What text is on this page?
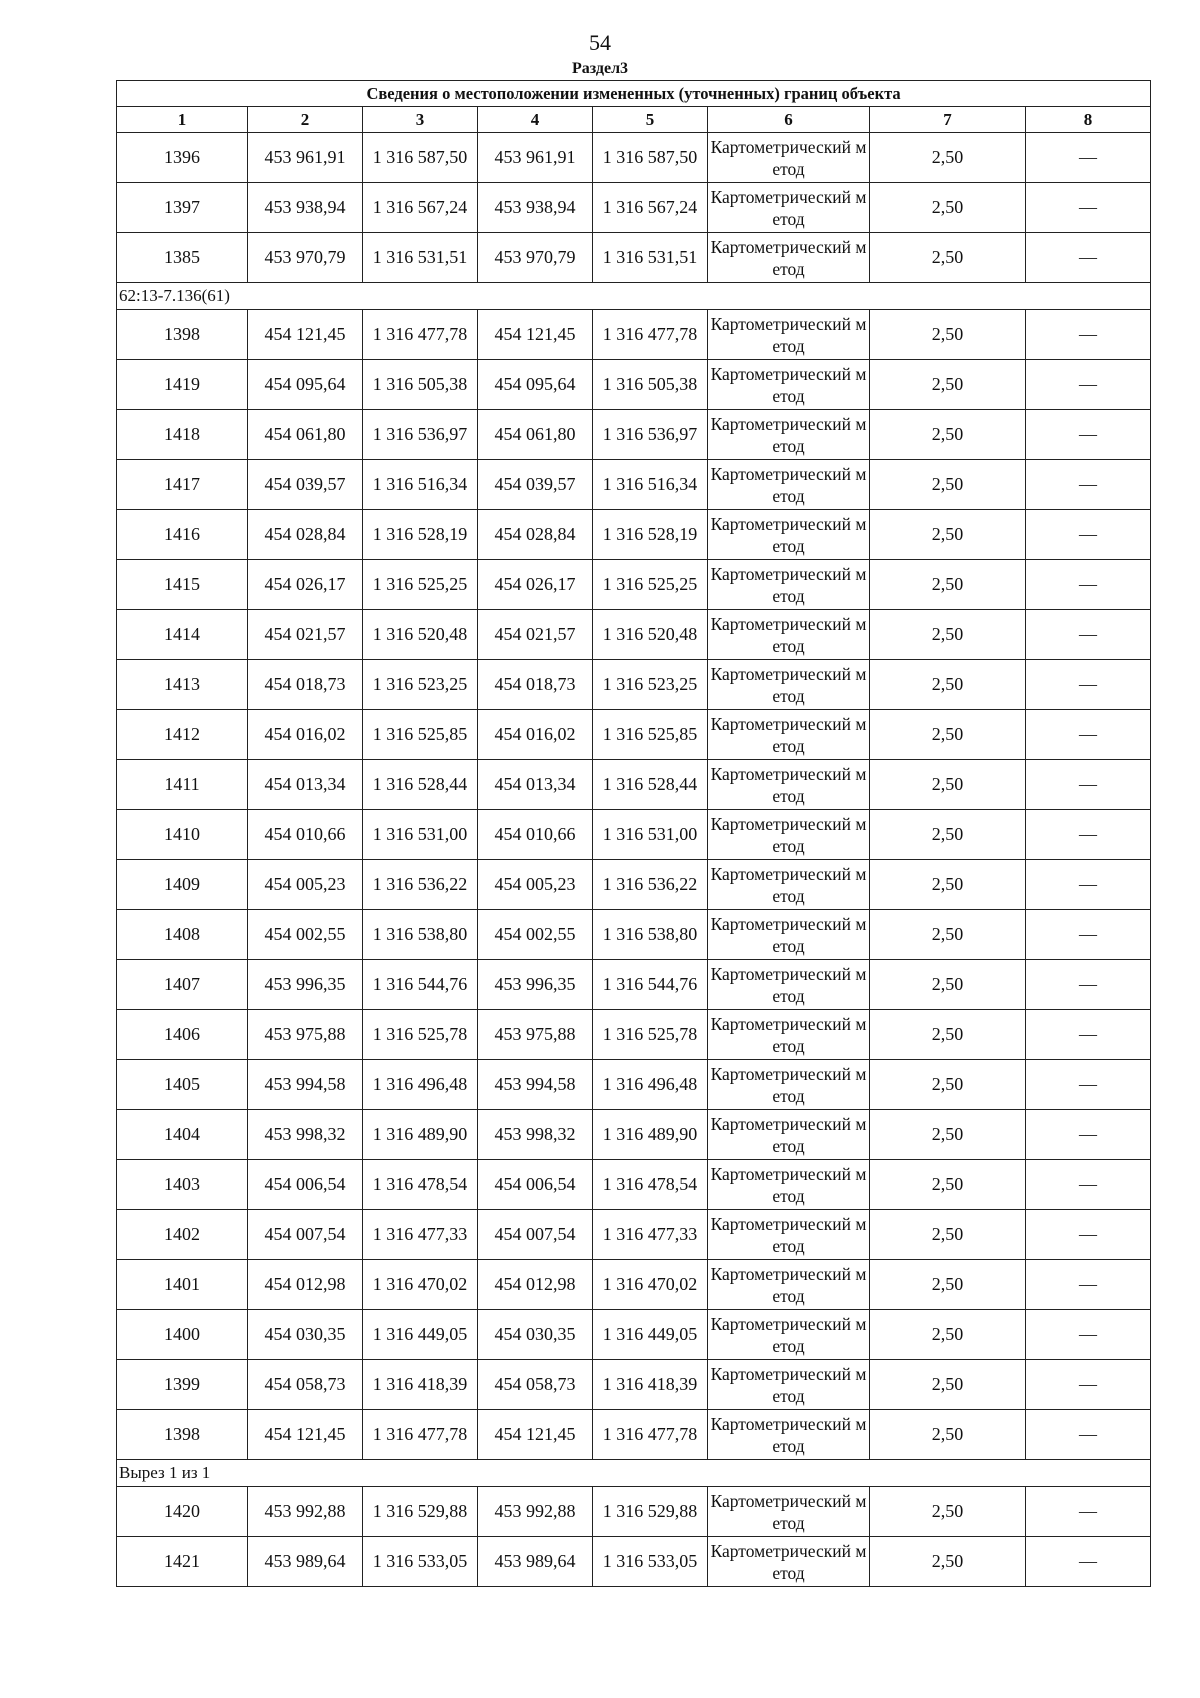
54
Раздел3
Сведения о местоположении измененных (уточненных) границ объекта							
1	2	3	4	5	6	7	8
1396	453 961,91	1 316 587,50	453 961,91	1 316 587,50	Картометрический метод	2,50	—
1397	453 938,94	1 316 567,24	453 938,94	1 316 567,24	Картометрический метод	2,50	—
1385	453 970,79	1 316 531,51	453 970,79	1 316 531,51	Картометрический метод	2,50	—
62:13-7.136(61)							
1398	454 121,45	1 316 477,78	454 121,45	1 316 477,78	Картометрический метод	2,50	—
1419	454 095,64	1 316 505,38	454 095,64	1 316 505,38	Картометрический метод	2,50	—
1418	454 061,80	1 316 536,97	454 061,80	1 316 536,97	Картометрический метод	2,50	—
1417	454 039,57	1 316 516,34	454 039,57	1 316 516,34	Картометрический метод	2,50	—
1416	454 028,84	1 316 528,19	454 028,84	1 316 528,19	Картометрический метод	2,50	—
1415	454 026,17	1 316 525,25	454 026,17	1 316 525,25	Картометрический метод	2,50	—
1414	454 021,57	1 316 520,48	454 021,57	1 316 520,48	Картометрический метод	2,50	—
1413	454 018,73	1 316 523,25	454 018,73	1 316 523,25	Картометрический метод	2,50	—
1412	454 016,02	1 316 525,85	454 016,02	1 316 525,85	Картометрический метод	2,50	—
1411	454 013,34	1 316 528,44	454 013,34	1 316 528,44	Картометрический метод	2,50	—
1410	454 010,66	1 316 531,00	454 010,66	1 316 531,00	Картометрический метод	2,50	—
1409	454 005,23	1 316 536,22	454 005,23	1 316 536,22	Картометрический метод	2,50	—
1408	454 002,55	1 316 538,80	454 002,55	1 316 538,80	Картометрический метод	2,50	—
1407	453 996,35	1 316 544,76	453 996,35	1 316 544,76	Картометрический метод	2,50	—
1406	453 975,88	1 316 525,78	453 975,88	1 316 525,78	Картометрический метод	2,50	—
1405	453 994,58	1 316 496,48	453 994,58	1 316 496,48	Картометрический метод	2,50	—
1404	453 998,32	1 316 489,90	453 998,32	1 316 489,90	Картометрический метод	2,50	—
1403	454 006,54	1 316 478,54	454 006,54	1 316 478,54	Картометрический метод	2,50	—
1402	454 007,54	1 316 477,33	454 007,54	1 316 477,33	Картометрический метод	2,50	—
1401	454 012,98	1 316 470,02	454 012,98	1 316 470,02	Картометрический метод	2,50	—
1400	454 030,35	1 316 449,05	454 030,35	1 316 449,05	Картометрический метод	2,50	—
1399	454 058,73	1 316 418,39	454 058,73	1 316 418,39	Картометрический метод	2,50	—
1398	454 121,45	1 316 477,78	454 121,45	1 316 477,78	Картометрический метод	2,50	—
Вырез 1 из 1							
1420	453 992,88	1 316 529,88	453 992,88	1 316 529,88	Картометрический метод	2,50	—
1421	453 989,64	1 316 533,05	453 989,64	1 316 533,05	Картометрический метод	2,50	—
